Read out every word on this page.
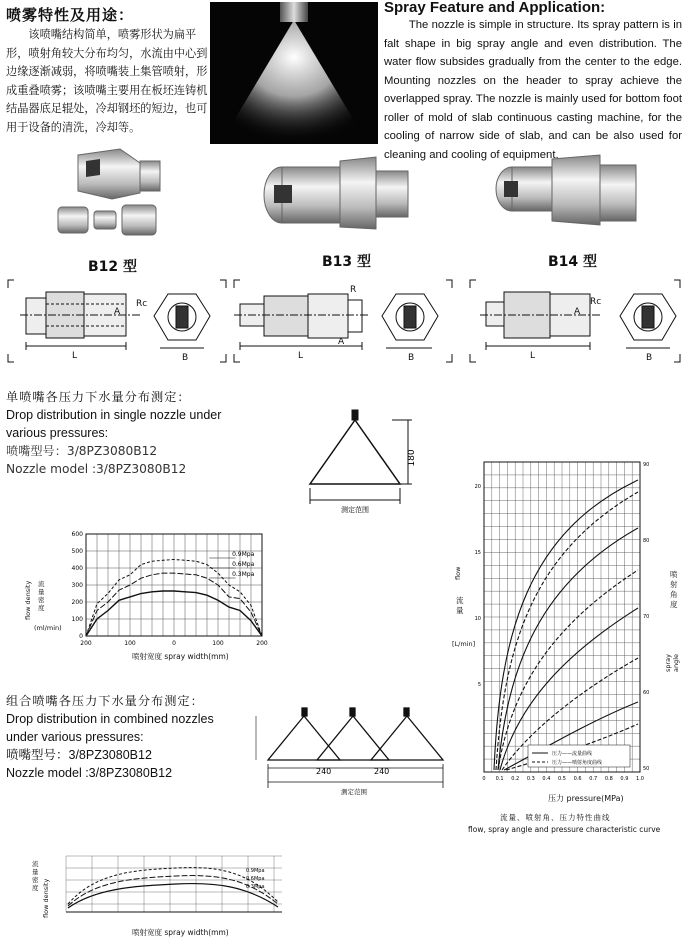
喷雾特性及用途：
该喷嘴结构简单，喷雾形状为扁平形，喷射角较大分布均匀，水流由中心到边缘逐渐减弱，将喷嘴装上集管喷射，形成重叠喷雾；该喷嘴主要用在板坯连铸机结晶器底足辊处，冷却钢坯的短边，也可用于设备的清洗，冷却等。
Spray Feature and Application:
The nozzle is simple in structure. Its spray pattern is in falt shape in big spray angle and even distribution. The water flow subsides gradually from the center to the edge. Mounting nozzles on the header to spray achieve the overlapped spray. The nozzle is mainly used for bottom foot roller of mold of slab continuous casting machine, for the cooling of narrow side of slab, and can be also used for cleaning and cooling of equipment.
B12 型	B13 型	B14 型
A
Rc
L	B
R
A
L	B
A
Rc
L	B
单喷嘴各压力下水量分布测定：
Drop distribution in single nozzle under various pressures:
喷嘴型号：3/8PZ3080B12
Nozzle model :3/8PZ3080B12
180
测定范围
600
500
400
300
200
100
0
200	100	0	100	200
0.9Mpa
0.6Mpa
0.3Mpa
流量密度
flow density
(ml/min)
喷射宽度 spray width(mm)
组合喷嘴各压力下水量分布测定：
Drop distribution in combined nozzles under various pressures:
喷嘴型号：3/8PZ3080B12
Nozzle model :3/8PZ3080B12	240	240
测定范围
0.9Mpa
0.6Mpa
0.3Mpa
流量密度 flow density
喷射宽度 spray width(mm)
0 0.1 0.2 0.3 0.4 0.5 0.6 0.7 0.8 0.9 1.0
20
15
10
5
90
80
70
60
50
压力——流量曲线
压力——喷射角度曲线
流量
flow
[L/min]
喷射角度
spray angle
压力 pressure(MPa)
流量、喷射角、压力特性曲线
flow, spray angle and pressure characteristic curve
